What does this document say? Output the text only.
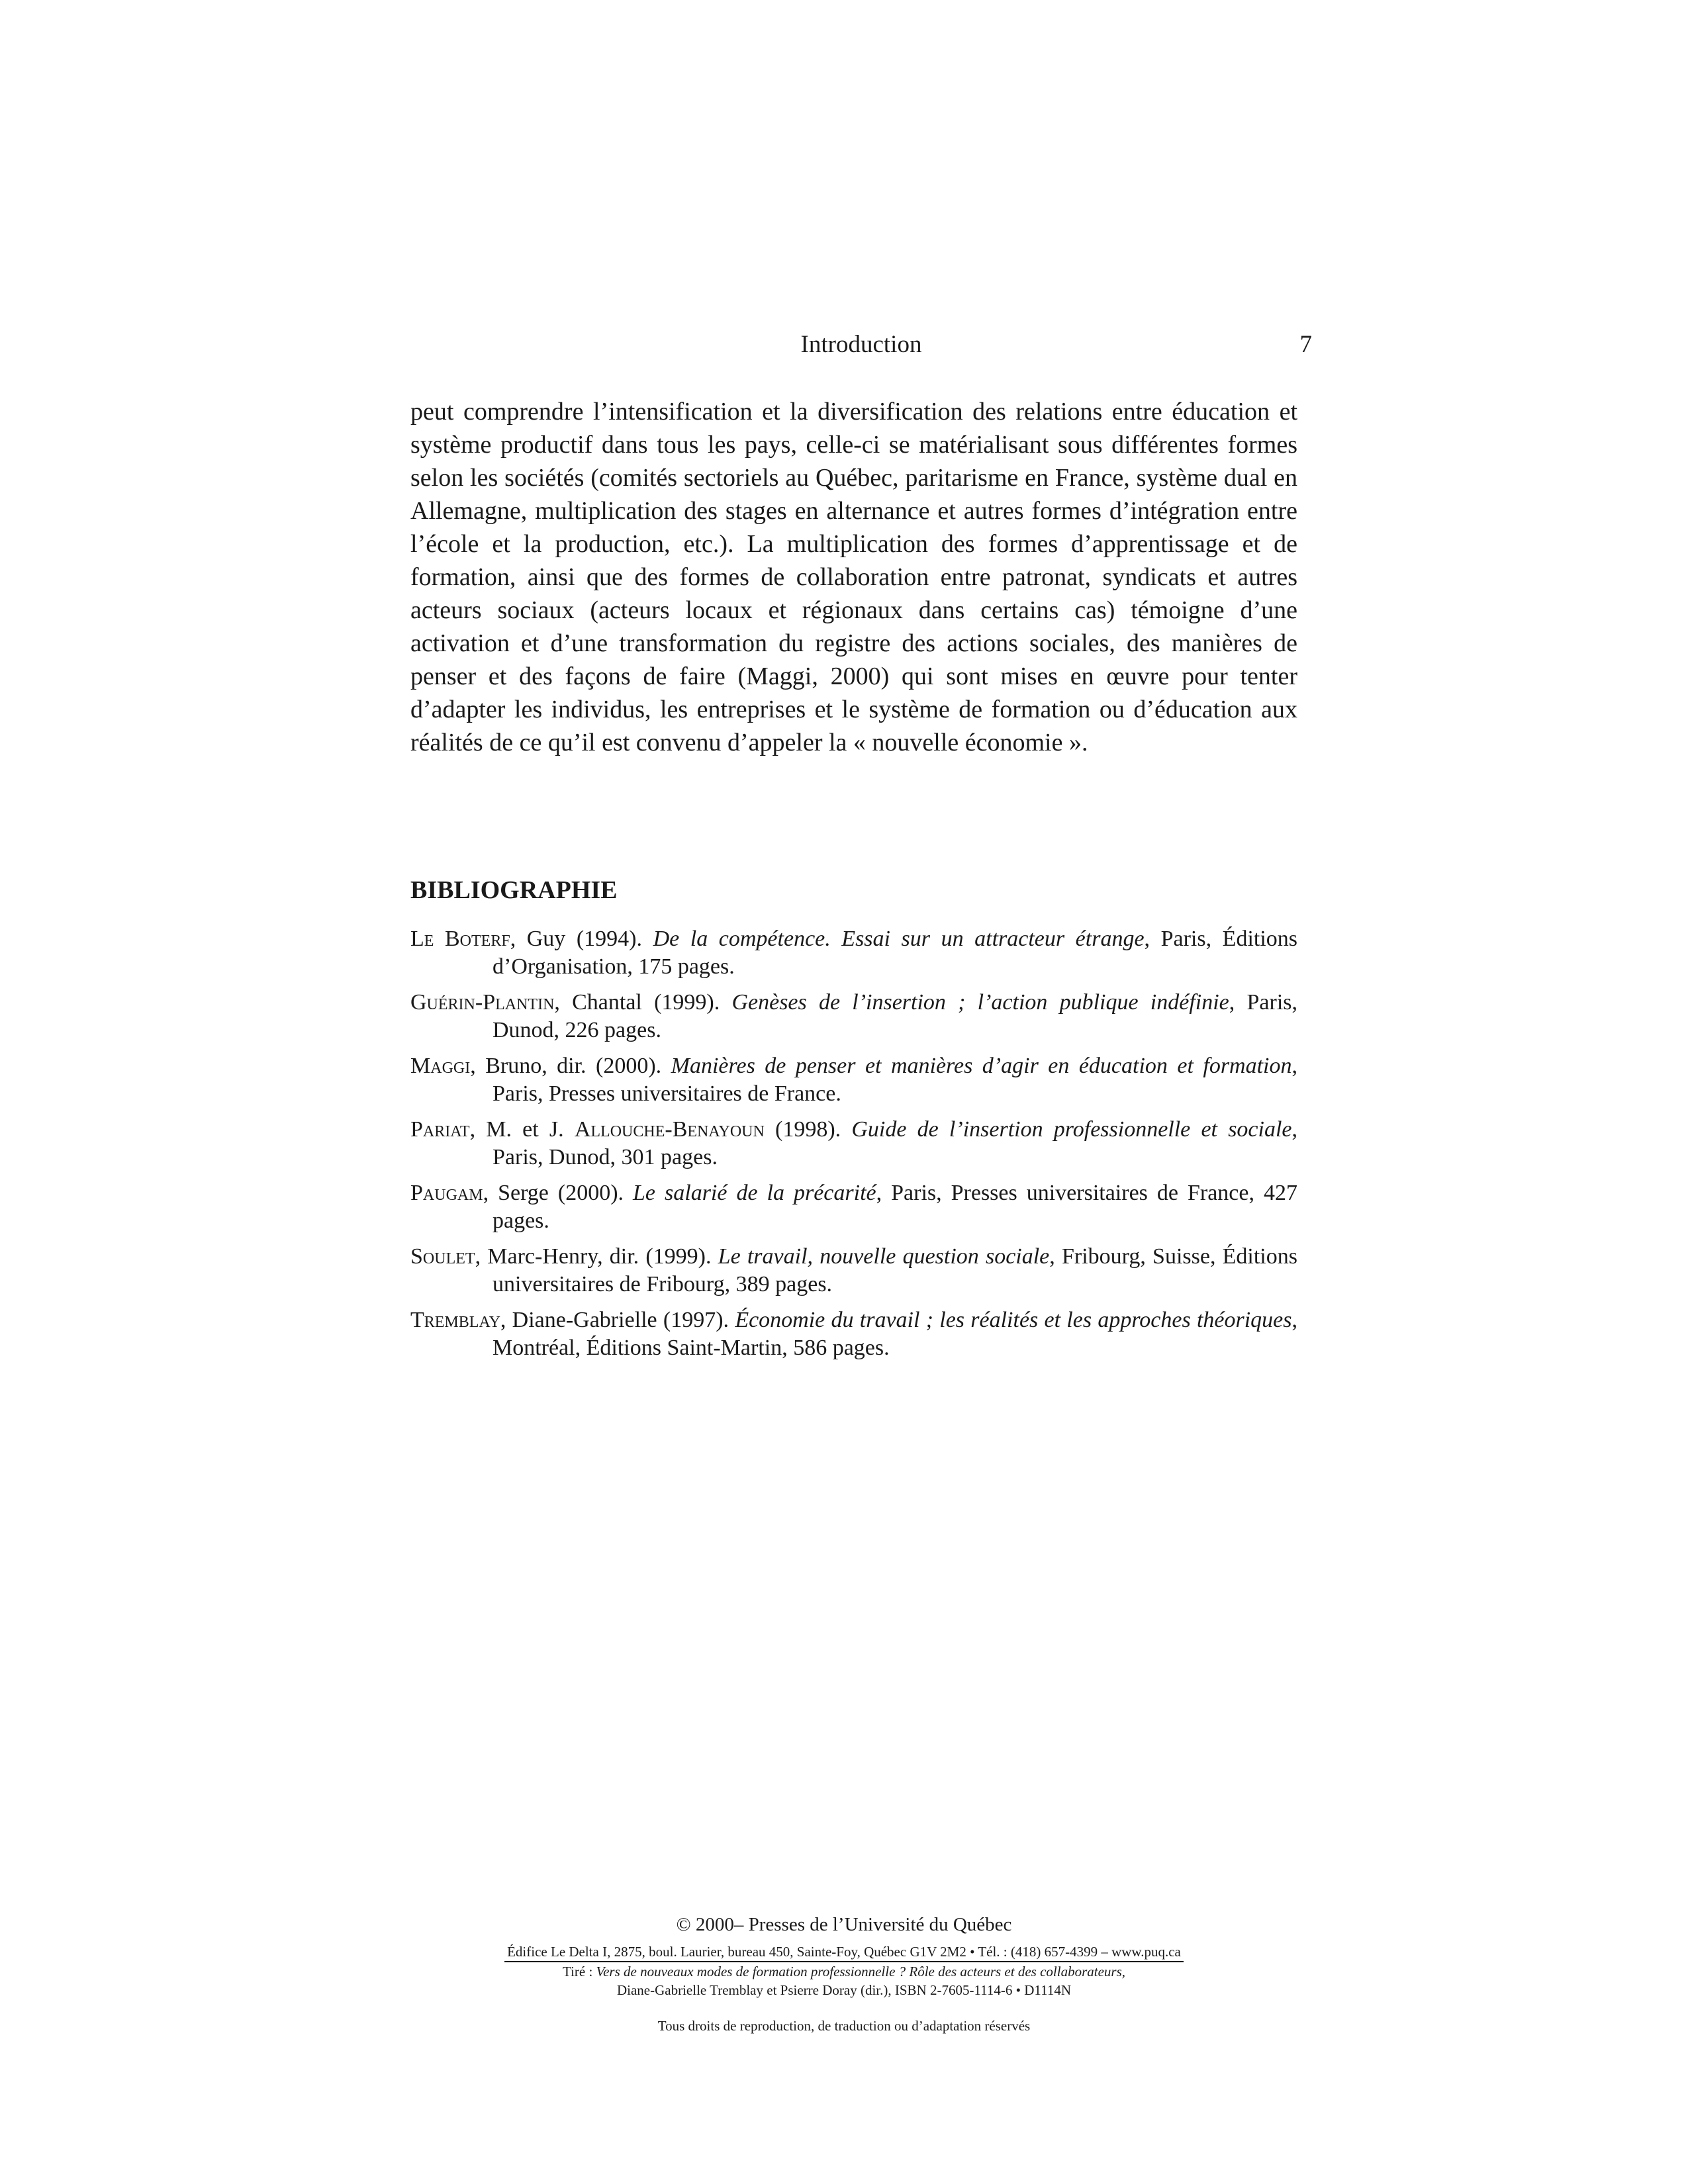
Introduction	7

peut comprendre l’intensification et la diversification des relations entre éducation et système productif dans tous les pays, celle-ci se matérialisant sous différentes formes selon les sociétés (comités sectoriels au Québec, paritarisme en France, système dual en Allemagne, multiplication des stages en alternance et autres formes d’intégration entre l’école et la production, etc.). La multiplication des formes d’apprentissage et de formation, ainsi que des formes de collaboration entre patronat, syndicats et autres acteurs sociaux (acteurs locaux et régionaux dans certains cas) témoigne d’une activation et d’une transformation du registre des actions sociales, des manières de penser et des façons de faire (Maggi, 2000) qui sont mises en œuvre pour tenter d’adapter les individus, les entreprises et le système de formation ou d’éducation aux réalités de ce qu’il est convenu d’appeler la « nouvelle économie ».

BIBLIOGRAPHIE

Le Boterf, Guy (1994). De la compétence. Essai sur un attracteur étrange, Paris, Éditions d’Organisation, 175 pages.

Guérin-Plantin, Chantal (1999). Genèses de l’insertion ; l’action publique indéfinie, Paris, Dunod, 226 pages.

Maggi, Bruno, dir. (2000). Manières de penser et manières d’agir en éducation et formation, Paris, Presses universitaires de France.

Pariat, M. et J. Allouche-Benayoun (1998). Guide de l’insertion professionnelle et sociale, Paris, Dunod, 301 pages.

Paugam, Serge (2000). Le salarié de la précarité, Paris, Presses universitaires de France, 427 pages.

Soulet, Marc-Henry, dir. (1999). Le travail, nouvelle question sociale, Fribourg, Suisse, Éditions universitaires de Fribourg, 389 pages.

Tremblay, Diane-Gabrielle (1997). Économie du travail ; les réalités et les approches théoriques, Montréal, Éditions Saint-Martin, 586 pages.

© 2000– Presses de l’Université du Québec

Édifice Le Delta I, 2875, boul. Laurier, bureau 450, Sainte-Foy, Québec G1V 2M2 • Tél. : (418) 657-4399 – www.puq.ca

Tiré : Vers de nouveaux modes de formation professionnelle ? Rôle des acteurs et des collaborateurs,

Diane-Gabrielle Tremblay et Psierre Doray (dir.), ISBN 2-7605-1114-6 • D1114N

Tous droits de reproduction, de traduction ou d’adaptation réservés
